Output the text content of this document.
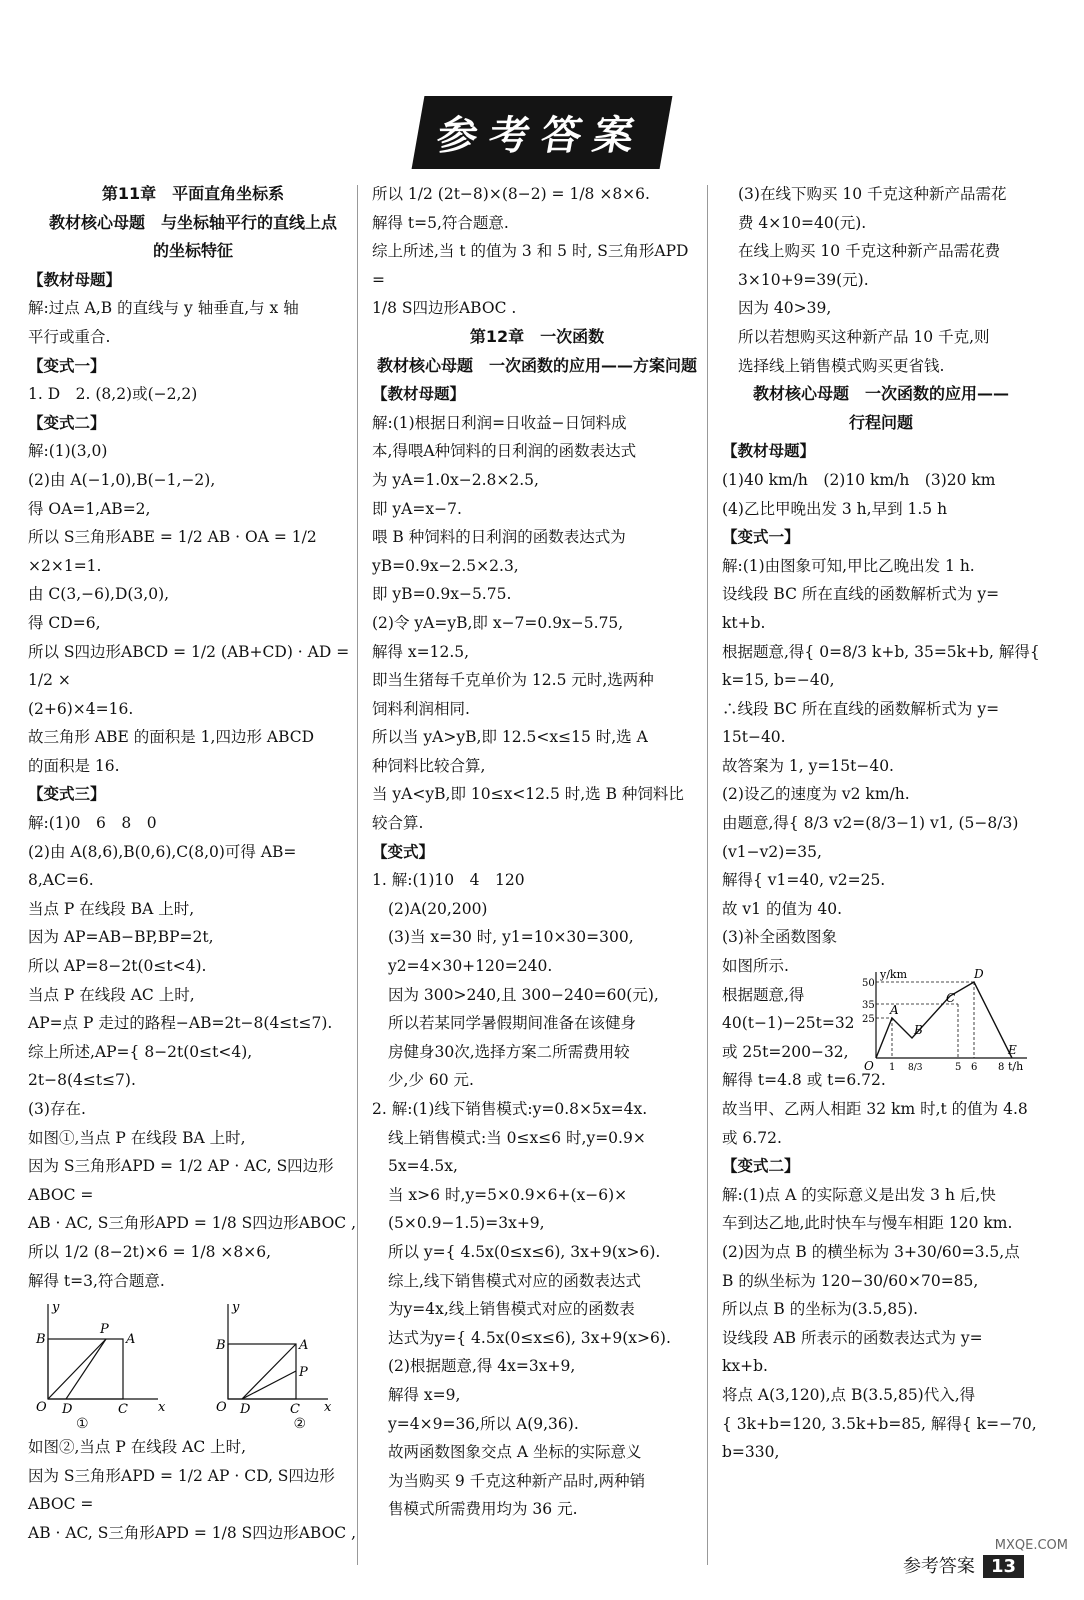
参考答案

第11章　平面直角坐标系

教材核心母题　与坐标轴平行的直线上点

的坐标特征

【教材母题】

解:过点 A,B 的直线与 y 轴垂直,与 x 轴

平行或重合.

【变式一】

1. D　2. (8,2)或(−2,2)

【变式二】

解:(1)(3,0)

(2)由 A(−1,0),B(−1,−2),

得 OA=1,AB=2,

所以 S三角形ABE = 1/2 AB · OA = 1/2 ×2×1=1.

由 C(3,−6),D(3,0),

得 CD=6,

所以 S四边形ABCD = 1/2 (AB+CD) · AD = 1/2 ×

(2+6)×4=16.

故三角形 ABE 的面积是 1,四边形 ABCD

的面积是 16.

【变式三】

解:(1)0　6　8　0

(2)由 A(8,6),B(0,6),C(8,0)可得 AB=

8,AC=6.

当点 P 在线段 BA 上时,

因为 AP=AB−BP,BP=2t,

所以 AP=8−2t(0≤t<4).

当点 P 在线段 AC 上时,

AP=点 P 走过的路程−AB=2t−8(4≤t≤7).

综上所述,AP={ 8−2t(0≤t<4), 2t−8(4≤t≤7).

(3)存在.

如图①,当点 P 在线段 BA 上时,

因为 S三角形APD = 1/2 AP · AC, S四边形ABOC =

AB · AC, S三角形APD = 1/8 S四边形ABOC ,

所以 1/2 (8−2t)×6 = 1/8 ×8×6,

解得 t=3,符合题意.

y
x
O
B	A
P
D	C
y
x
O
B	A
P
D	C
①	②

如图②,当点 P 在线段 AC 上时,

因为 S三角形APD = 1/2 AP · CD, S四边形ABOC =

AB · AC, S三角形APD = 1/8 S四边形ABOC ,

所以 1/2 (2t−8)×(8−2) = 1/8 ×8×6.

解得 t=5,符合题意.

综上所述,当 t 的值为 3 和 5 时, S三角形APD =

1/8 S四边形ABOC .

第12章　一次函数

教材核心母题　一次函数的应用——方案问题

【教材母题】

解:(1)根据日利润=日收益−日饲料成

本,得喂A种饲料的日利润的函数表达式

为 yA=1.0x−2.8×2.5,

即 yA=x−7.

喂 B 种饲料的日利润的函数表达式为

yB=0.9x−2.5×2.3,

即 yB=0.9x−5.75.

(2)令 yA=yB,即 x−7=0.9x−5.75,

解得 x=12.5,

即当生猪每千克单价为 12.5 元时,选两种

饲料利润相同.

所以当 yA>yB,即 12.5<x≤15 时,选 A

种饲料比较合算,

当 yA<yB,即 10≤x<12.5 时,选 B 种饲料比

较合算.

【变式】

1. 解:(1)10　4　120

(2)A(20,200)

(3)当 x=30 时, y1=10×30=300,

y2=4×30+120=240.

因为 300>240,且 300−240=60(元),

所以若某同学暑假期间准备在该健身

房健身30次,选择方案二所需费用较

少,少 60 元.

2. 解:(1)线下销售模式:y=0.8×5x=4x.

线上销售模式:当 0≤x≤6 时,y=0.9×

5x=4.5x,

当 x>6 时,y=5×0.9×6+(x−6)×

(5×0.9−1.5)=3x+9,

所以 y={ 4.5x(0≤x≤6), 3x+9(x>6).

综上,线下销售模式对应的函数表达式

为y=4x,线上销售模式对应的函数表

达式为y={ 4.5x(0≤x≤6), 3x+9(x>6).

(2)根据题意,得 4x=3x+9,

解得 x=9,

y=4×9=36,所以 A(9,36).

故两函数图象交点 A 坐标的实际意义

为当购买 9 千克这种新产品时,两种销

售模式所需费用均为 36 元.

(3)在线下购买 10 千克这种新产品需花

费 4×10=40(元).

在线上购买 10 千克这种新产品需花费

3×10+9=39(元).

因为 40>39,

所以若想购买这种新产品 10 千克,则

选择线上销售模式购买更省钱.

教材核心母题　一次函数的应用——

行程问题

【教材母题】

(1)40 km/h　(2)10 km/h　(3)20 km

(4)乙比甲晚出发 3 h,早到 1.5 h

【变式一】

解:(1)由图象可知,甲比乙晚出发 1 h.

设线段 BC 所在直线的函数解析式为 y=

kt+b.

根据题意,得{ 0=8/3 k+b, 35=5k+b, 解得{ k=15, b=−40,

∴线段 BC 所在直线的函数解析式为 y=

15t−40.

故答案为 1, y=15t−40.

(2)设乙的速度为 v2 km/h.

由题意,得{ 8/3 v2=(8/3−1) v1, (5−8/3)(v1−v2)=35,

解得{ v1=40, v2=25.

故 v1 的值为 40.

(3)补全函数图象

如图所示.

根据题意,得

40(t−1)−25t=32

或 25t=200−32,

解得 t=4.8 或 t=6.72.

故当甲、乙两人相距 32 km 时,t 的值为 4.8

或 6.72.

【变式二】

解:(1)点 A 的实际意义是出发 3 h 后,快

车到达乙地,此时快车与慢车相距 120 km.

(2)因为点 B 的横坐标为 3+30/60=3.5,点

B 的纵坐标为 120−30/60×70=85,

所以点 B 的坐标为(3.5,85).

设线段 AB 所表示的函数表达式为 y=

kx+b.

将点 A(3,120),点 B(3.5,85)代入,得

{ 3k+b=120, 3.5k+b=85, 解得{ k=−70, b=330,

y/km	D
C
B
A
E
O	t/h
50
35
25
1 8/3	5 6 8
参考答案 13
MXQE.COM
